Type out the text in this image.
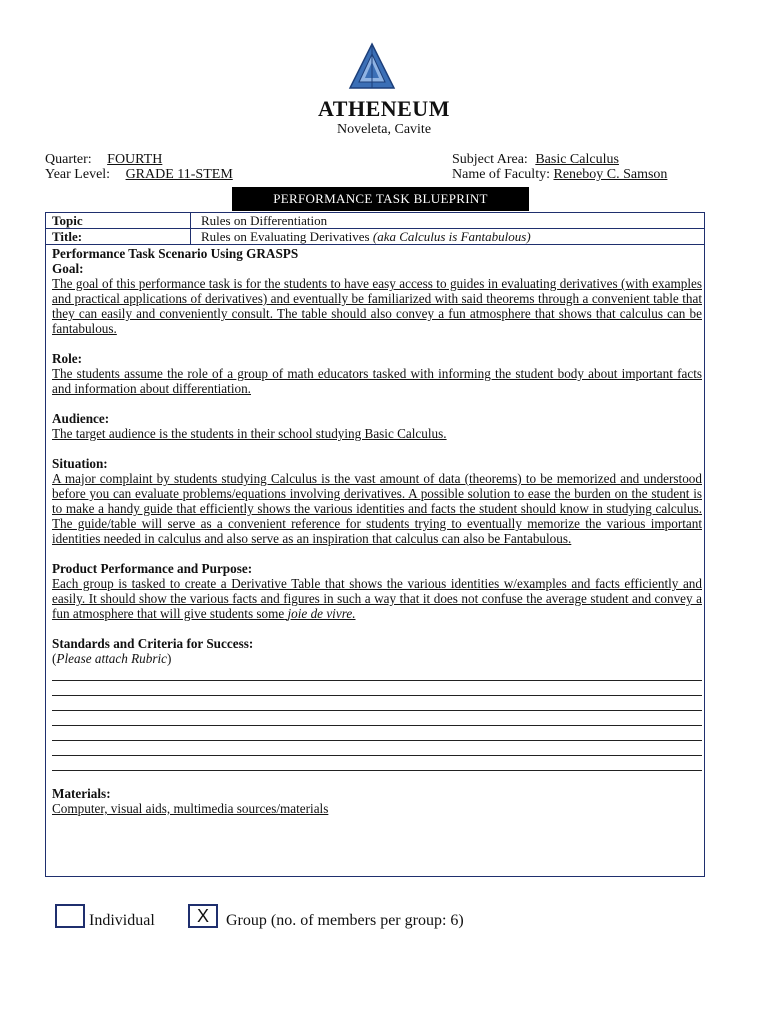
ATHENEUM
Noveleta, Cavite
Quarter: FOURTH
Year Level: GRADE 11-STEM
Subject Area: Basic Calculus
Name of Faculty: Reneboy C. Samson
PERFORMANCE TASK BLUEPRINT
Topic	Rules on Differentiation
Title:	Rules on Evaluating Derivatives (aka Calculus is Fantabulous)
Performance Task Scenario Using GRASPS
Goal:
The goal of this performance task is for the students to have easy access to guides in evaluating derivatives (with examples and practical applications of derivatives) and eventually be familiarized with said theorems through a convenient table that they can easily and conveniently consult. The table should also convey a fun atmosphere that shows that calculus can be fantabulous.
Role:
The students assume the role of a group of math educators tasked with informing the student body about important facts and information about differentiation.
Audience:
The target audience is the students in their school studying Basic Calculus.
Situation:
A major complaint by students studying Calculus is the vast amount of data (theorems) to be memorized and understood before you can evaluate problems/equations involving derivatives. A possible solution to ease the burden on the student is to make a handy guide that efficiently shows the various identities and facts the student should know in studying calculus. The guide/table will serve as a convenient reference for students trying to eventually memorize the various important identities needed in calculus and also serve as an inspiration that calculus can also be Fantabulous.
Product Performance and Purpose:
Each group is tasked to create a Derivative Table that shows the various identities w/examples and facts efficiently and easily. It should show the various facts and figures in such a way that it does not confuse the average student and convey a fun atmosphere that will give students some joie de vivre.
Standards and Criteria for Success:
(Please attach Rubric)
Materials:
Computer, visual aids, multimedia sources/materials
Individual	X	Group (no. of members per group: 6)
